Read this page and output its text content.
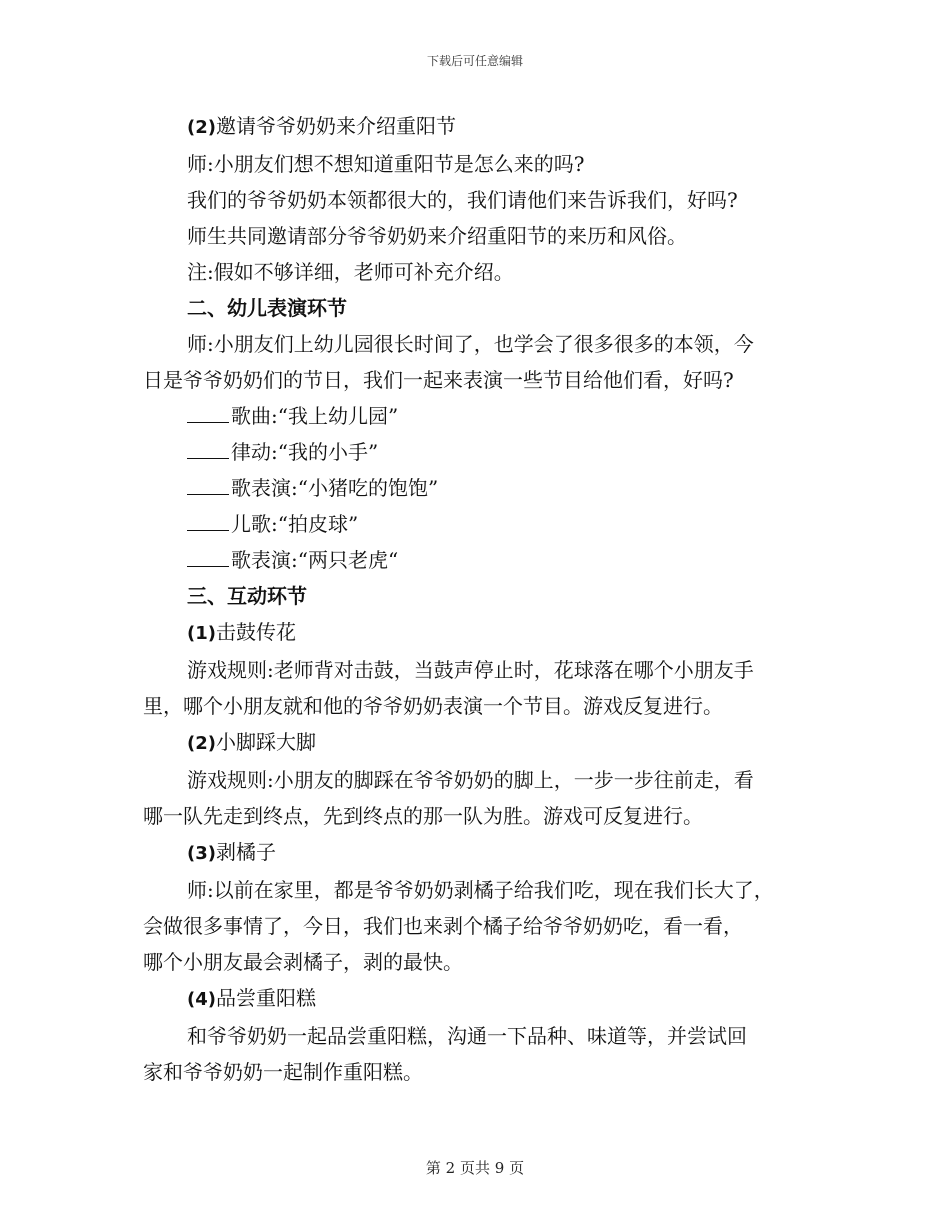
下载后可任意编辑
(2)邀请爷爷奶奶来介绍重阳节
师:小朋友们想不想知道重阳节是怎么来的吗?
我们的爷爷奶奶本领都很大的，我们请他们来告诉我们，好吗?
师生共同邀请部分爷爷奶奶来介绍重阳节的来历和风俗。
注:假如不够详细，老师可补充介绍。
二、幼儿表演环节
师:小朋友们上幼儿园很长时间了，也学会了很多很多的本领，今
日是爷爷奶奶们的节日，我们一起来表演一些节目给他们看，好吗?
歌曲:“我上幼儿园”
律动:“我的小手”
歌表演:“小猪吃的饱饱”
儿歌:“拍皮球”
歌表演:“两只老虎“
三、互动环节
(1)击鼓传花
游戏规则:老师背对击鼓，当鼓声停止时，花球落在哪个小朋友手
里，哪个小朋友就和他的爷爷奶奶表演一个节目。游戏反复进行。
(2)小脚踩大脚
游戏规则:小朋友的脚踩在爷爷奶奶的脚上，一步一步往前走，看
哪一队先走到终点，先到终点的那一队为胜。游戏可反复进行。
(3)剥橘子
师:以前在家里，都是爷爷奶奶剥橘子给我们吃，现在我们长大了，
会做很多事情了，今日，我们也来剥个橘子给爷爷奶奶吃，看一看，
哪个小朋友最会剥橘子，剥的最快。
(4)品尝重阳糕
和爷爷奶奶一起品尝重阳糕，沟通一下品种、味道等，并尝试回
家和爷爷奶奶一起制作重阳糕。
第 2 页共 9 页
